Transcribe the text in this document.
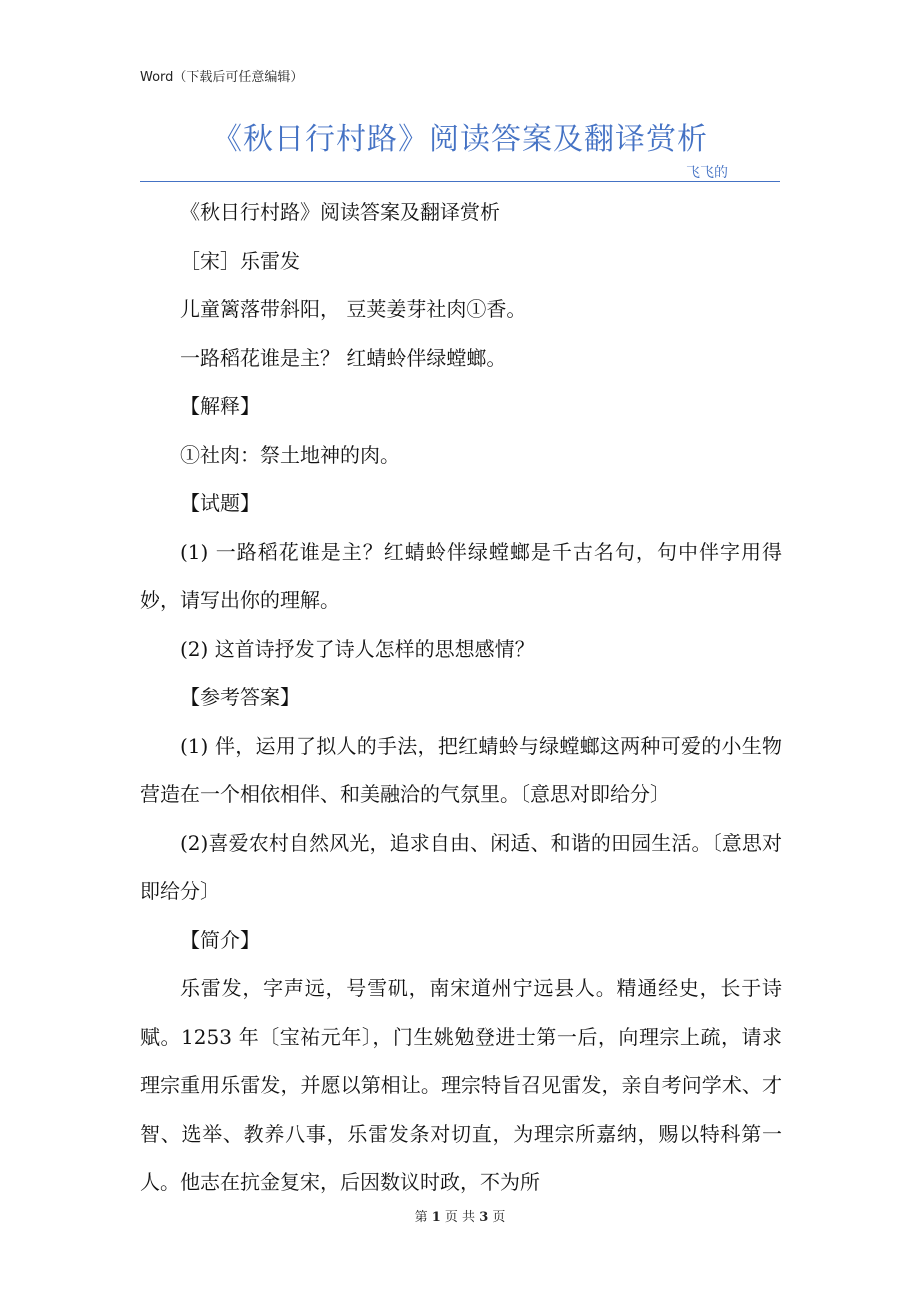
Word（下载后可任意编辑）
《秋日行村路》阅读答案及翻译赏析
飞飞的

《秋日行村路》阅读答案及翻译赏析

［宋］乐雷发

儿童篱落带斜阳， 豆荚姜芽社肉①香。

一路稻花谁是主？ 红蜻蛉伴绿螳螂。

【解释】

①社肉：祭土地神的肉。

【试题】

(1) 一路稻花谁是主？红蜻蛉伴绿螳螂是千古名句，句中伴字用得妙，请写出你的理解。

(2) 这首诗抒发了诗人怎样的思想感情？

【参考答案】

(1) 伴，运用了拟人的手法，把红蜻蛉与绿螳螂这两种可爱的小生物营造在一个相依相伴、和美融洽的气氛里。〔意思对即给分〕

(2)喜爱农村自然风光，追求自由、闲适、和谐的田园生活。〔意思对即给分〕

【简介】

乐雷发，字声远，号雪矶，南宋道州宁远县人。精通经史，长于诗赋。1253 年〔宝祐元年〕，门生姚勉登进士第一后，向理宗上疏，请求理宗重用乐雷发，并愿以第相让。理宗特旨召见雷发，亲自考问学术、才智、选举、教养八事，乐雷发条对切直，为理宗所嘉纳，赐以特科第一人。他志在抗金复宋，后因数议时政，不为所

第 1 页 共 3 页
